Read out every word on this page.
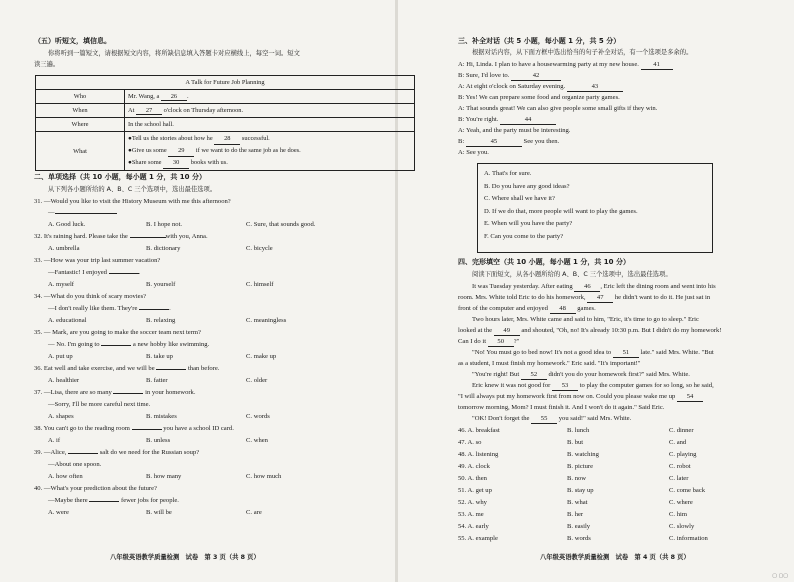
（五）听短文，填信息。
你将听到一篇短文，请根据短文内容，将所缺信息填入答题卡对应横线上，每空一词。短文
读三遍。
A Talk for Future Job Planning	
Who	Mr. Wang, a 26 .
When	At 27 o'clock on Thursday afternoon.
Where	In the school hall.
What	●Tell us the stories about how he 28 successful.
●Give us some 29 if we want to do the same job as he does.
●Share some 30 books with us.
二、单项选择（共 10 小题，每小题 1 分，共 10 分）
从下列各小题所给的 A、B、C 三个选项中，选出最佳选项。
31. —Would you like to visit the History Museum with me this afternoon?
—
A. Good luck.	B. I hope not.	C. Sure, that sounds good.
32. It's raining hard. Please take the	with you, Anna.
A. umbrella	B. dictionary	C. bicycle
33. —How was your trip last summer vacation?
—Fantastic! I enjoyed	.
A. myself	B. yourself	C. himself
34. —What do you think of scary movies?
—I don't really like them. They're	.
A. educational	B. relaxing	C. meaningless
35. — Mark, are you going to make the soccer team next term?
— No. I'm going to	a new hobby like swimming.
A. put up	B. take up	C. make up
36. Eat well and take exercise, and we will be	than before.
A. healthier	B. fatter	C. older
37. —Lisa, there are so many	in your homework.
—Sorry, I'll be more careful next time.
A. shapes	B. mistakes	C. words
38. You can't go to the reading room	you have a school ID card.
A. if	B. unless	C. when
39. —Alice,	salt do we need for the Russian soup?
—About one spoon.
A. how often	B. how many	C. how much
40. —What's your prediction about the future?
—Maybe there	fewer jobs for people.
A. were	B. will be	C. are
八年级英语教学质量检测　试卷　第 3 页（共 8 页）
三、补全对话（共 5 小题，每小题 1 分，共 5 分）
根据对话内容，从下面方框中选出恰当的句子补全对话，有一个选项是多余的。
A: Hi, Linda. I plan to have a housewarming party at my new house. 41
B: Sure, I'd love to.	42
A: At eight o'clock on Saturday evening.	43
B: Yes! We can prepare some food and organize party games.
A: That sounds great! We can also give people some small gifts if they win.
B: You're right.	44
A: Yeah, and the party must be interesting.
B:	45	See you then.
A: See you.
A. That's for sure.
B. Do you have any good ideas?
C. Where shall we have it?
D. If we do that, more people will want to play the games.
E. When will you have the party?
F. Can you come to the party?
四、完形填空（共 10 小题，每小题 1 分，共 10 分）
阅读下面短文，从各小题所给的 A、B、C 三个选项中，选出最佳选项。
It was Tuesday yesterday. After eating 46 , Eric left the dining room and went into his
room. Mrs. White told Eric to do his homework, 47 he didn't want to do it. He just sat in
front of the computer and enjoyed 48 games.
Two hours later, Mrs. White came and said to him, "Eric, it's time to go to sleep." Eric
looked at the 49 and shouted, "Oh, no! It's already 10:30 p.m. But I didn't do my homework!
Can I do it 50 ?"
"No! You must go to bed now! It's not a good idea to 51 late." said Mrs. White. "But
as a student, I must finish my homework." Eric said. "It's important!"
"You're right! But 52 didn't you do your homework first?" said Mrs. White.
Eric knew it was not good for 53 to play the computer games for so long, so he said,
"I will always put my homework first from now on. Could you please wake me up 54
tomorrow morning, Mom? I must finish it. And I won't do it again." Said Eric.
"OK! Don't forget the 55 you said!" said Mrs. White.
46. A. breakfast	B. lunch	C. dinner
47. A. so	B. but	C. and
48. A. listening	B. watching	C. playing
49. A. clock	B. picture	C. robot
50. A. then	B. now	C. later
51. A. get up	B. stay up	C. come back
52. A. why	B. what	C. where
53. A. me	B. her	C. him
54. A. early	B. easily	C. slowly
55. A. example	B. words	C. information
八年级英语教学质量检测　试卷　第 4 页（共 8 页）
▢ ▢▢
